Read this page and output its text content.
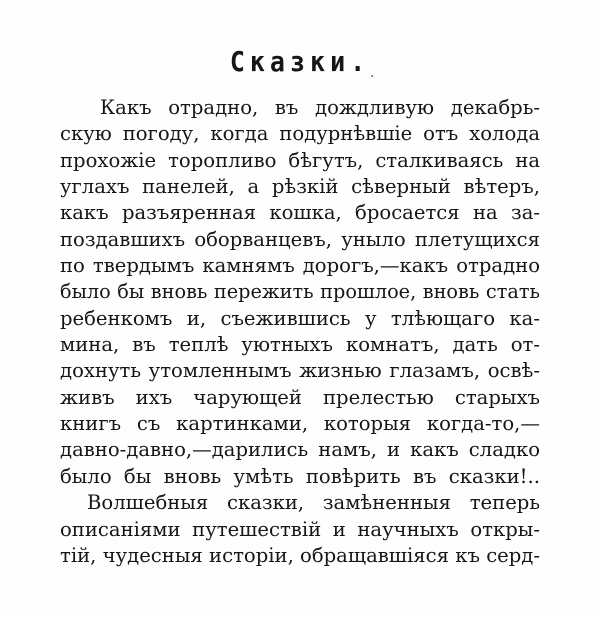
Сказки. ·
Какъ отрадно, въ дождливую декабрь-
скую погоду, когда подурнѣвшіе отъ холода
прохожіе торопливо бѣгутъ, сталкиваясь на
углахъ панелей, а рѣзкій сѣверный вѣтеръ,
какъ разъяренная кошка, бросается на за-
поздавшихъ оборванцевъ, уныло плетущихся
по твердымъ камнямъ дорогъ,—какъ отрадно
было бы вновь пережить прошлое, вновь стать
ребенкомъ и, съежившись у тлѣющаго ка-
мина, въ теплѣ уютныхъ комнатъ, дать от-
дохнуть утомленнымъ жизнью глазамъ, освѣ-
живъ ихъ чарующей прелестью старыхъ
книгъ съ картинками, которыя когда-то,—
давно-давно,—дарились намъ, и какъ сладко
было бы вновь умѣть повѣрить въ сказки!..
Волшебныя сказки, замѣненныя теперь
описаніями путешествій и научныхъ откры-
тій, чудесныя исторіи, обращавшіяся къ серд-
